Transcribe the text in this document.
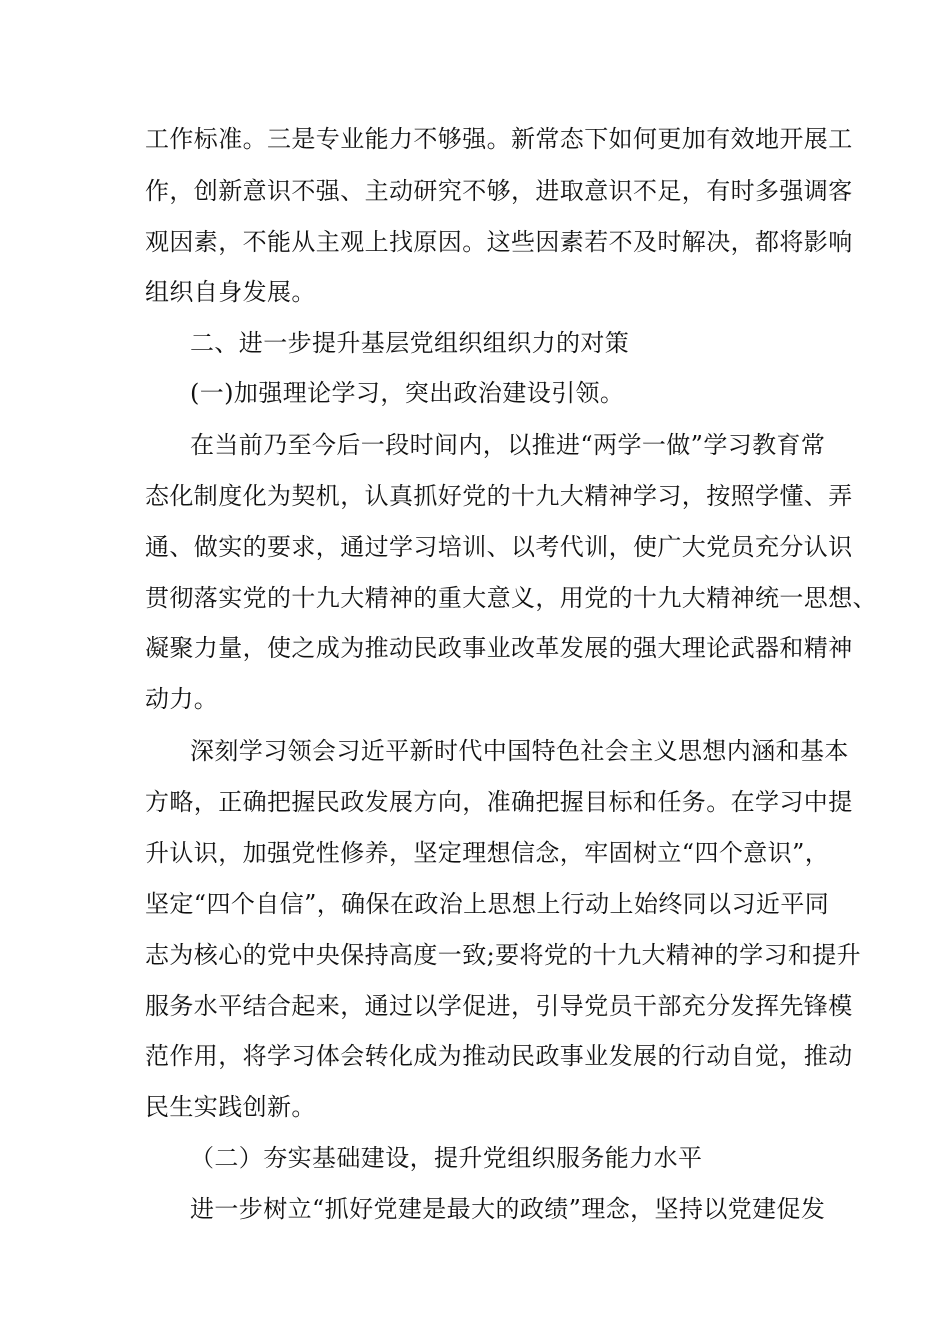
工作标准。三是专业能力不够强。新常态下如何更加有效地开展工
作，创新意识不强、主动研究不够，进取意识不足，有时多强调客
观因素，不能从主观上找原因。这些因素若不及时解决，都将影响
组织自身发展。
二、进一步提升基层党组织组织力的对策
(一)加强理论学习，突出政治建设引领。
在当前乃至今后一段时间内，以推进“两学一做”学习教育常
态化制度化为契机，认真抓好党的十九大精神学习，按照学懂、弄
通、做实的要求，通过学习培训、以考代训，使广大党员充分认识
贯彻落实党的十九大精神的重大意义，用党的十九大精神统一思想、
凝聚力量，使之成为推动民政事业改革发展的强大理论武器和精神
动力。
深刻学习领会习近平新时代中国特色社会主义思想内涵和基本
方略，正确把握民政发展方向，准确把握目标和任务。在学习中提
升认识，加强党性修养，坚定理想信念，牢固树立“四个意识”，
坚定“四个自信”，确保在政治上思想上行动上始终同以习近平同
志为核心的党中央保持高度一致;要将党的十九大精神的学习和提升
服务水平结合起来，通过以学促进，引导党员干部充分发挥先锋模
范作用，将学习体会转化成为推动民政事业发展的行动自觉，推动
民生实践创新。
（二）夯实基础建设，提升党组织服务能力水平
进一步树立“抓好党建是最大的政绩”理念，坚持以党建促发
